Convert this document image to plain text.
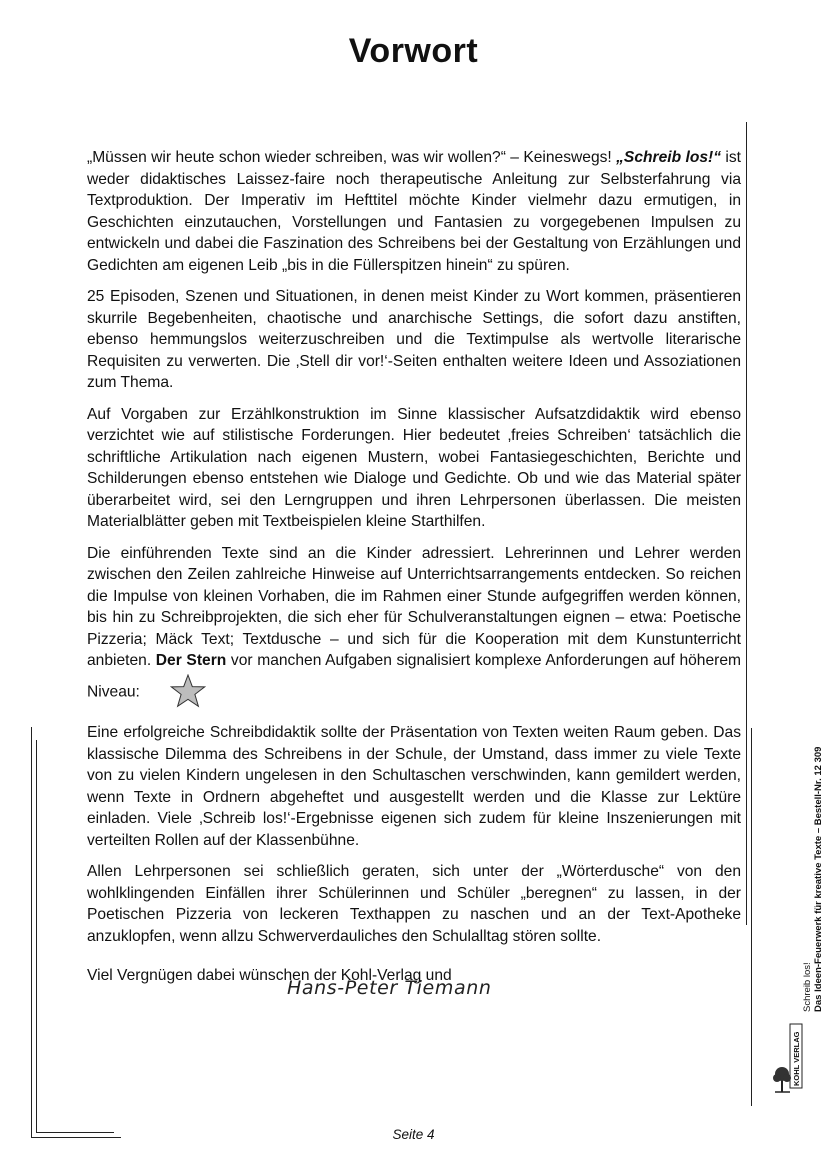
Vorwort

„Müssen wir heute schon wieder schreiben, was wir wollen?“ – Keineswegs! „Schreib los!“ ist weder didaktisches Laissez-faire noch therapeutische Anleitung zur Selbsterfahrung via Textproduktion. Der Imperativ im Hefttitel möchte Kinder vielmehr dazu ermutigen, in Geschichten einzutauchen, Vorstellungen und Fantasien zu vorgegebenen Impulsen zu entwickeln und dabei die Faszination des Schreibens bei der Gestaltung von Erzählungen und Gedichten am eigenen Leib „bis in die Füllerspitzen hinein“ zu spüren.

25 Episoden, Szenen und Situationen, in denen meist Kinder zu Wort kommen, präsentieren skurrile Begebenheiten, chaotische und anarchische Settings, die sofort dazu anstiften, ebenso hemmungslos weiterzuschreiben und die Textimpulse als wertvolle literarische Requisiten zu verwerten. Die ‚Stell dir vor!‘-Seiten enthalten weitere Ideen und Assoziationen zum Thema.

Auf Vorgaben zur Erzählkonstruktion im Sinne klassischer Aufsatzdidaktik wird ebenso verzichtet wie auf stilistische Forderungen. Hier bedeutet ‚freies Schreiben‘ tatsächlich die schriftliche Artikulation nach eigenen Mustern, wobei Fantasiegeschichten, Berichte und Schilderungen ebenso entstehen wie Dialoge und Gedichte. Ob und wie das Material später überarbeitet wird, sei den Lerngruppen und ihren Lehrpersonen überlassen. Die meisten Materialblätter geben mit Textbeispielen kleine Starthilfen.

Die einführenden Texte sind an die Kinder adressiert. Lehrerinnen und Lehrer werden zwischen den Zeilen zahlreiche Hinweise auf Unterrichtsarrangements entdecken. So reichen die Impulse von kleinen Vorhaben, die im Rahmen einer Stunde aufgegriffen werden können, bis hin zu Schreibprojekten, die sich eher für Schulveranstaltungen eignen – etwa: Poetische Pizzeria; Mäck Text; Textdusche – und sich für die Kooperation mit dem Kunstunterricht anbieten. Der Stern vor manchen Aufgaben signalisiert komplexe Anforderungen auf höherem Niveau:

Eine erfolgreiche Schreibdidaktik sollte der Präsentation von Texten weiten Raum geben. Das klassische Dilemma des Schreibens in der Schule, der Umstand, dass immer zu viele Texte von zu vielen Kindern ungelesen in den Schultaschen verschwinden, kann gemildert werden, wenn Texte in Ordnern abgeheftet und ausgestellt werden und die Klasse zur Lektüre einladen. Viele ‚Schreib los!‘-Ergebnisse eigenen sich zudem für kleine Inszenierungen mit verteilten Rollen auf der Klassenbühne.

Allen Lehrpersonen sei schließlich geraten, sich unter der „Wörterdusche“ von den wohlklingenden Einfällen ihrer Schülerinnen und Schüler „beregnen“ zu lassen, in der Poetischen Pizzeria von leckeren Texthappen zu naschen und an der Text-Apotheke anzuklopfen, wenn allzu Schwerverdauliches den Schulalltag stören sollte.

Viel Vergnügen dabei wünschen der Kohl-Verlag und

Hans-Peter Tiemann	Schreib los! Das Ideen-Feuerwerk für kreative Texte – Bestell-Nr. 12 309
KOHL VERLAG
Seite 4
